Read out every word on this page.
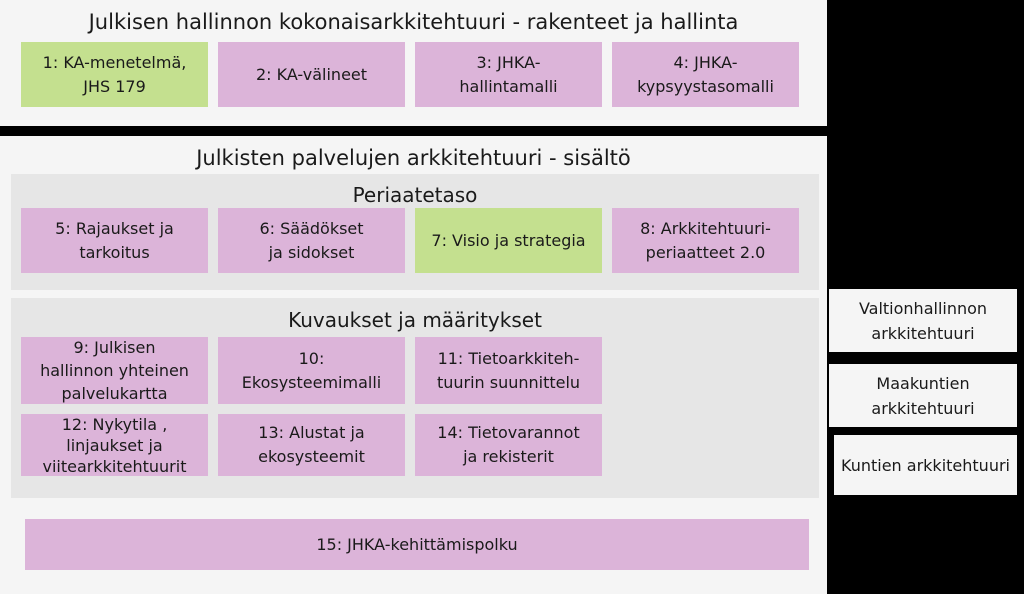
Julkisen hallinnon kokonaisarkkitehtuuri - rakenteet ja hallinta
1: KA-menetelmä,
JHS 179
2: KA-välineet
3: JHKA-
hallintamalli
4: JHKA-
kypsyystasomalli
Julkisten palvelujen arkkitehtuuri - sisältö
Periaatetaso
5: Rajaukset ja
tarkoitus
6: Säädökset
ja sidokset
7: Visio ja strategia
8: Arkkitehtuuri-
periaatteet 2.0
Kuvaukset ja määritykset
9: Julkisen
hallinnon yhteinen
palvelukartta
10:
Ekosysteemimalli
11: Tietoarkkiteh-
tuurin suunnittelu
12: Nykytila ,
linjaukset ja
viitearkkitehtuurit
13: Alustat ja
ekosysteemit
14: Tietovarannot
ja rekisterit
15: JHKA-kehittämispolku
Valtionhallinnon
arkkitehtuuri
Maakuntien
arkkitehtuuri
Kuntien arkkitehtuuri
